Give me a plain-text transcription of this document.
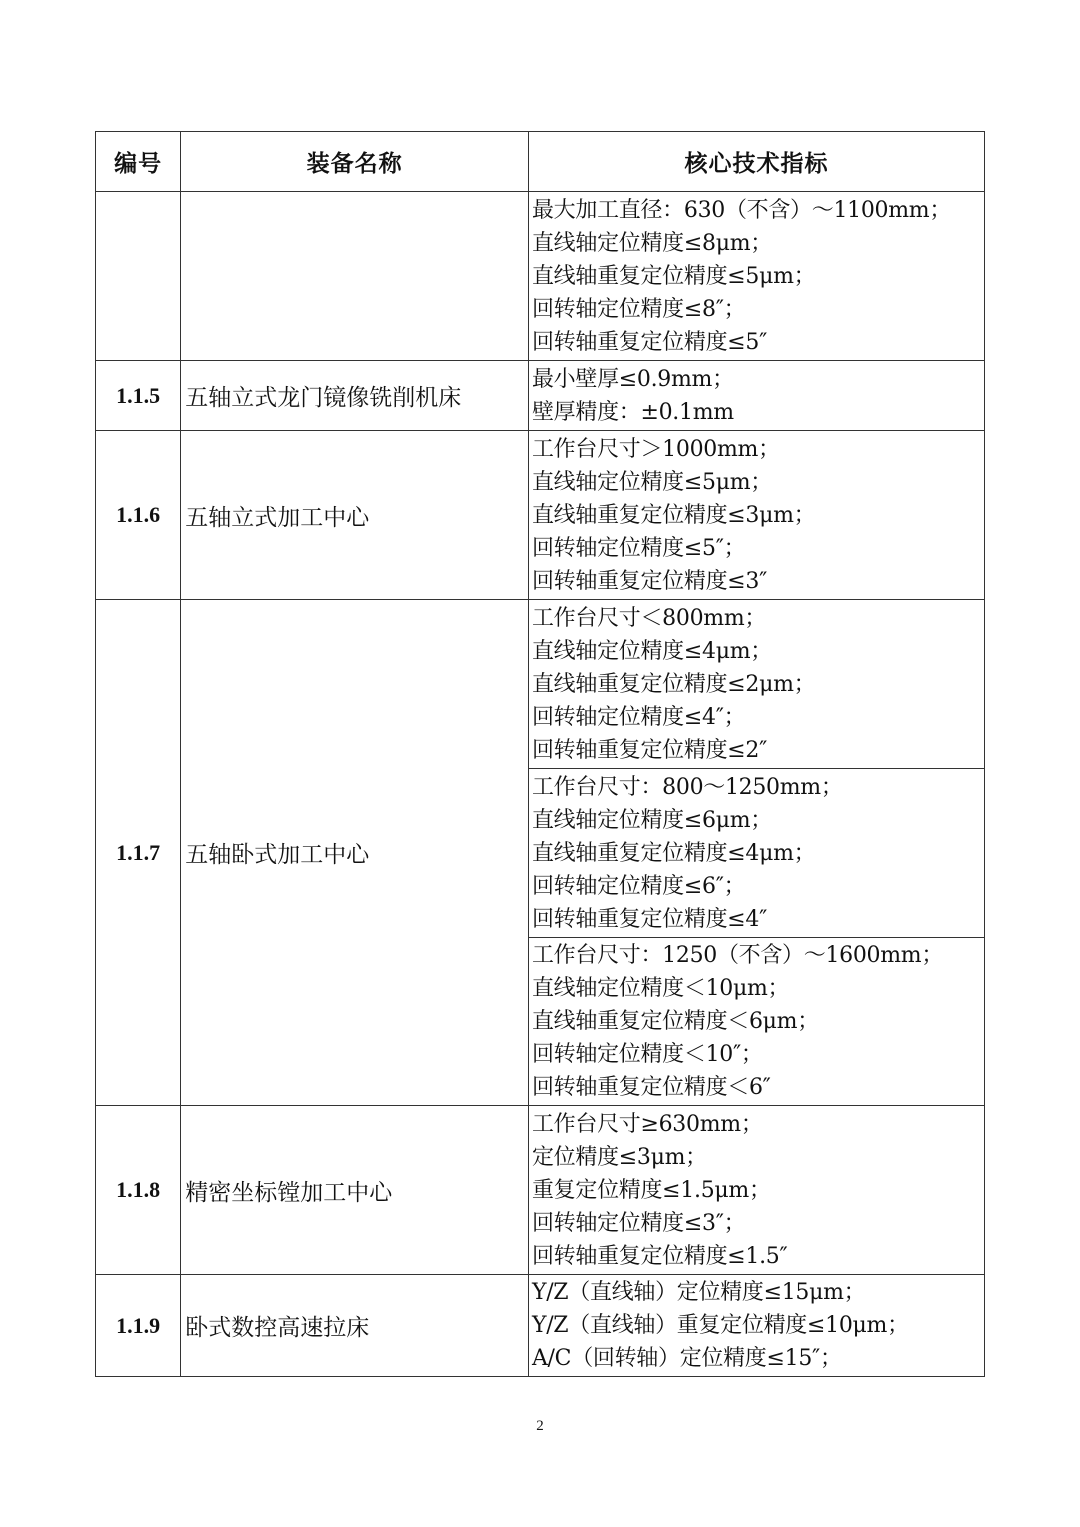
编号	装备名称	核心技术指标

		最大加工直径：630（不含）～1100mm；
直线轴定位精度≤8μm；
直线轴重复定位精度≤5μm；
回转轴定位精度≤8″；
回转轴重复定位精度≤5″

1.1.5	五轴立式龙门镜像铣削机床	最小壁厚≤0.9mm；
壁厚精度：±0.1mm

1.1.6	五轴立式加工中心	工作台尺寸＞1000mm；
直线轴定位精度≤5μm；
直线轴重复定位精度≤3μm；
回转轴定位精度≤5″；
回转轴重复定位精度≤3″

1.1.7	五轴卧式加工中心	工作台尺寸＜800mm；
直线轴定位精度≤4μm；
直线轴重复定位精度≤2μm；
回转轴定位精度≤4″；
回转轴重复定位精度≤2″

		工作台尺寸：800～1250mm；
直线轴定位精度≤6μm；
直线轴重复定位精度≤4μm；
回转轴定位精度≤6″；
回转轴重复定位精度≤4″

		工作台尺寸：1250（不含）～1600mm；
直线轴定位精度＜10μm；
直线轴重复定位精度＜6μm；
回转轴定位精度＜10″；
回转轴重复定位精度＜6″

1.1.8	精密坐标镗加工中心	工作台尺寸≥630mm；
定位精度≤3μm；
重复定位精度≤1.5μm；
回转轴定位精度≤3″；
回转轴重复定位精度≤1.5″

1.1.9	卧式数控高速拉床	Y/Z（直线轴）定位精度≤15μm；
Y/Z（直线轴）重复定位精度≤10μm；
A/C（回转轴）定位精度≤15″；
2
